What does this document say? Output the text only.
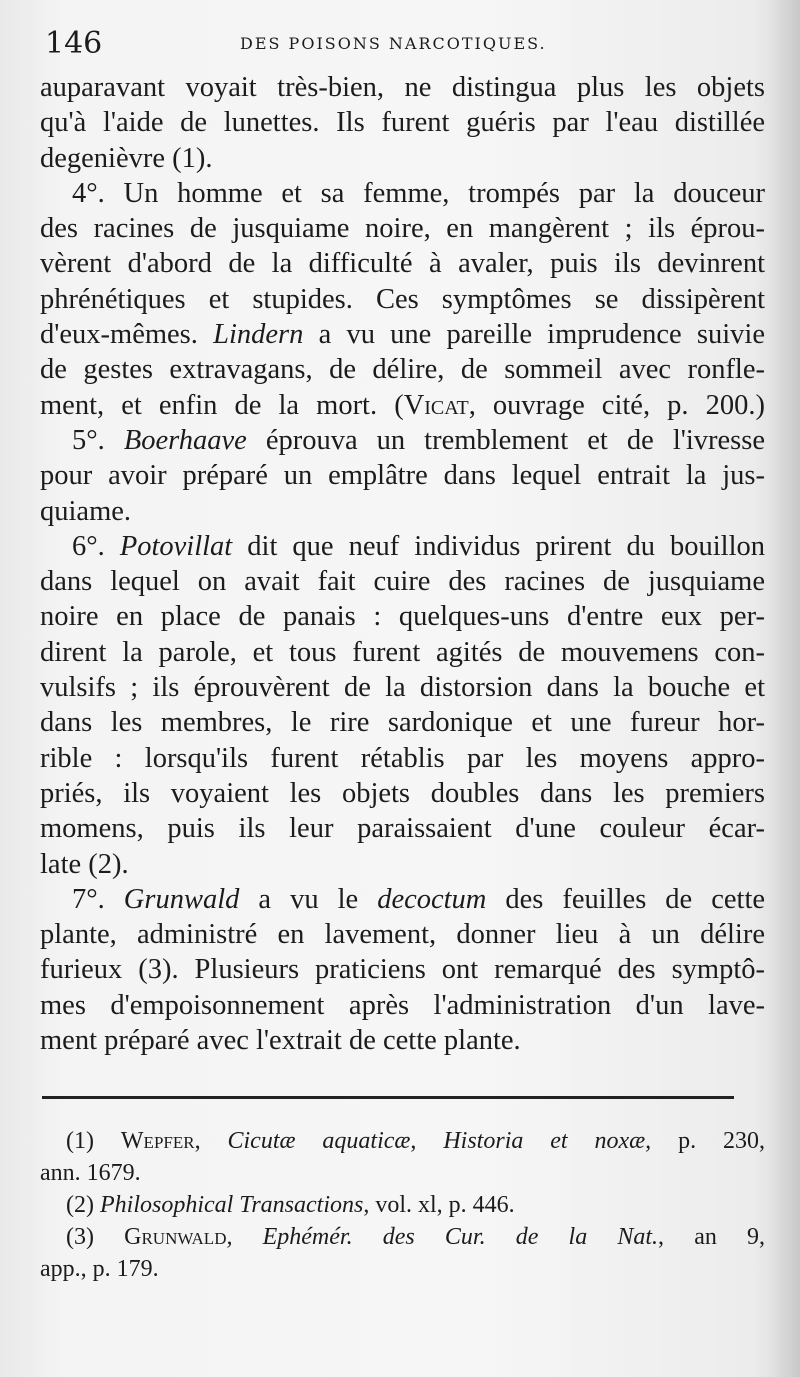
146	DES POISONS NARCOTIQUES.
auparavant voyait très-bien, ne distingua plus les objets
qu'à l'aide de lunettes. Ils furent guéris par l'eau distillée
degenièvre (1).
4°. Un homme et sa femme, trompés par la douceur
des racines de jusquiame noire, en mangèrent ; ils éprou-
vèrent d'abord de la difficulté à avaler, puis ils devinrent
phrénétiques et stupides. Ces symptômes se dissipèrent
d'eux-mêmes. Lindern a vu une pareille imprudence suivie
de gestes extravagans, de délire, de sommeil avec ronfle-
ment, et enfin de la mort. (Vicat, ouvrage cité, p. 200.)
5°. Boerhaave éprouva un tremblement et de l'ivresse
pour avoir préparé un emplâtre dans lequel entrait la jus-
quiame.
6°. Potovillat dit que neuf individus prirent du bouillon
dans lequel on avait fait cuire des racines de jusquiame
noire en place de panais : quelques-uns d'entre eux per-
dirent la parole, et tous furent agités de mouvemens con-
vulsifs ; ils éprouvèrent de la distorsion dans la bouche et
dans les membres, le rire sardonique et une fureur hor-
rible : lorsqu'ils furent rétablis par les moyens appro-
priés, ils voyaient les objets doubles dans les premiers
momens, puis ils leur paraissaient d'une couleur écar-
late (2).
7°. Grunwald a vu le decoctum des feuilles de cette
plante, administré en lavement, donner lieu à un délire
furieux (3). Plusieurs praticiens ont remarqué des symptô-
mes d'empoisonnement après l'administration d'un lave-
ment préparé avec l'extrait de cette plante.
(1) Wepfer, Cicutæ aquaticæ, Historia et noxæ, p. 230,
ann. 1679.
(2) Philosophical Transactions, vol. xl, p. 446.
(3) Grunwald, Ephémér. des Cur. de la Nat., an 9,
app., p. 179.
